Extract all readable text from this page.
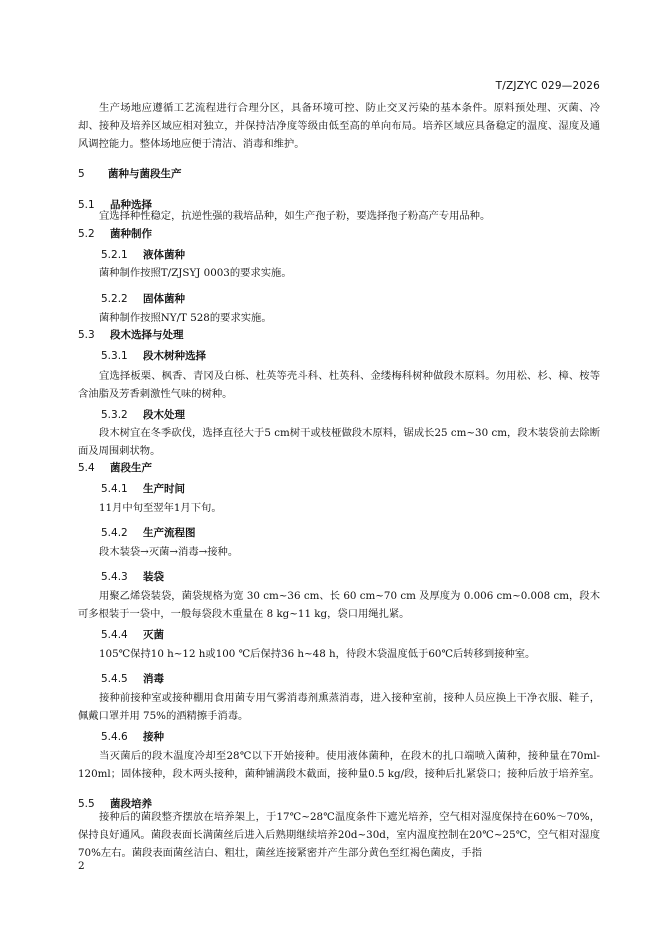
T/ZJZYC 029—2026

生产场地应遵循工艺流程进行合理分区，具备环境可控、防止交叉污染的基本条件。原料预处理、灭菌、冷却、接种及培养区域应相对独立，并保持洁净度等级由低至高的单向布局。培养区域应具备稳定的温度、湿度及通风调控能力。整体场地应便于清洁、消毒和维护。

5 菌种与菌段生产
5.1 品种选择

宜选择种性稳定，抗逆性强的栽培品种，如生产孢子粉，要选择孢子粉高产专用品种。

5.2 菌种制作
5.2.1 液体菌种

菌种制作按照T/ZJSYJ 0003的要求实施。

5.2.2 固体菌种

菌种制作按照NY/T 528的要求实施。

5.3 段木选择与处理
5.3.1 段木树种选择

宜选择板栗、枫香、青冈及白栎、杜英等壳斗科、杜英科、金缕梅科树种做段木原料。勿用松、杉、樟、桉等含油脂及芳香刺激性气味的树种。

5.3.2 段木处理

段木树宜在冬季砍伐，选择直径大于5 cm树干或枝桠做段木原料，锯成长25 cm~30 cm，段木装袋前去除断面及周围刺状物。

5.4 菌段生产
5.4.1 生产时间

11月中旬至翌年1月下旬。

5.4.2 生产流程图

段木装袋→灭菌→消毒→接种。

5.4.3 装袋

用聚乙烯袋装袋，菌袋规格为宽 30 cm~36 cm、长 60 cm~70 cm 及厚度为 0.006 cm~0.008 cm，段木可多根装于一袋中，一般每袋段木重量在 8 kg~11 kg，袋口用绳扎紧。

5.4.4 灭菌

105℃保持10 h~12 h或100 ℃后保持36 h~48 h，待段木袋温度低于60℃后转移到接种室。

5.4.5 消毒

接种前接种室或接种棚用食用菌专用气雾消毒剂熏蒸消毒，进入接种室前，接种人员应换上干净衣服、鞋子，佩戴口罩并用 75%的酒精擦手消毒。

5.4.6 接种

当灭菌后的段木温度冷却至28℃以下开始接种。使用液体菌种，在段木的扎口端喷入菌种，接种量在70ml-120ml；固体接种，段木两头接种，菌种铺满段木截面，接种量0.5 kg/段，接种后扎紧袋口；接种后放于培养室。

5.5 菌段培养

接种后的菌段整齐摆放在培养架上，于17℃~28℃温度条件下遮光培养，空气相对湿度保持在60%～70%，保持良好通风。菌段表面长满菌丝后进入后熟期继续培养20d~30d，室内温度控制在20℃~25℃，空气相对湿度70%左右。菌段表面菌丝洁白、粗壮，菌丝连接紧密并产生部分黄色至红褐色菌皮，手指

2
